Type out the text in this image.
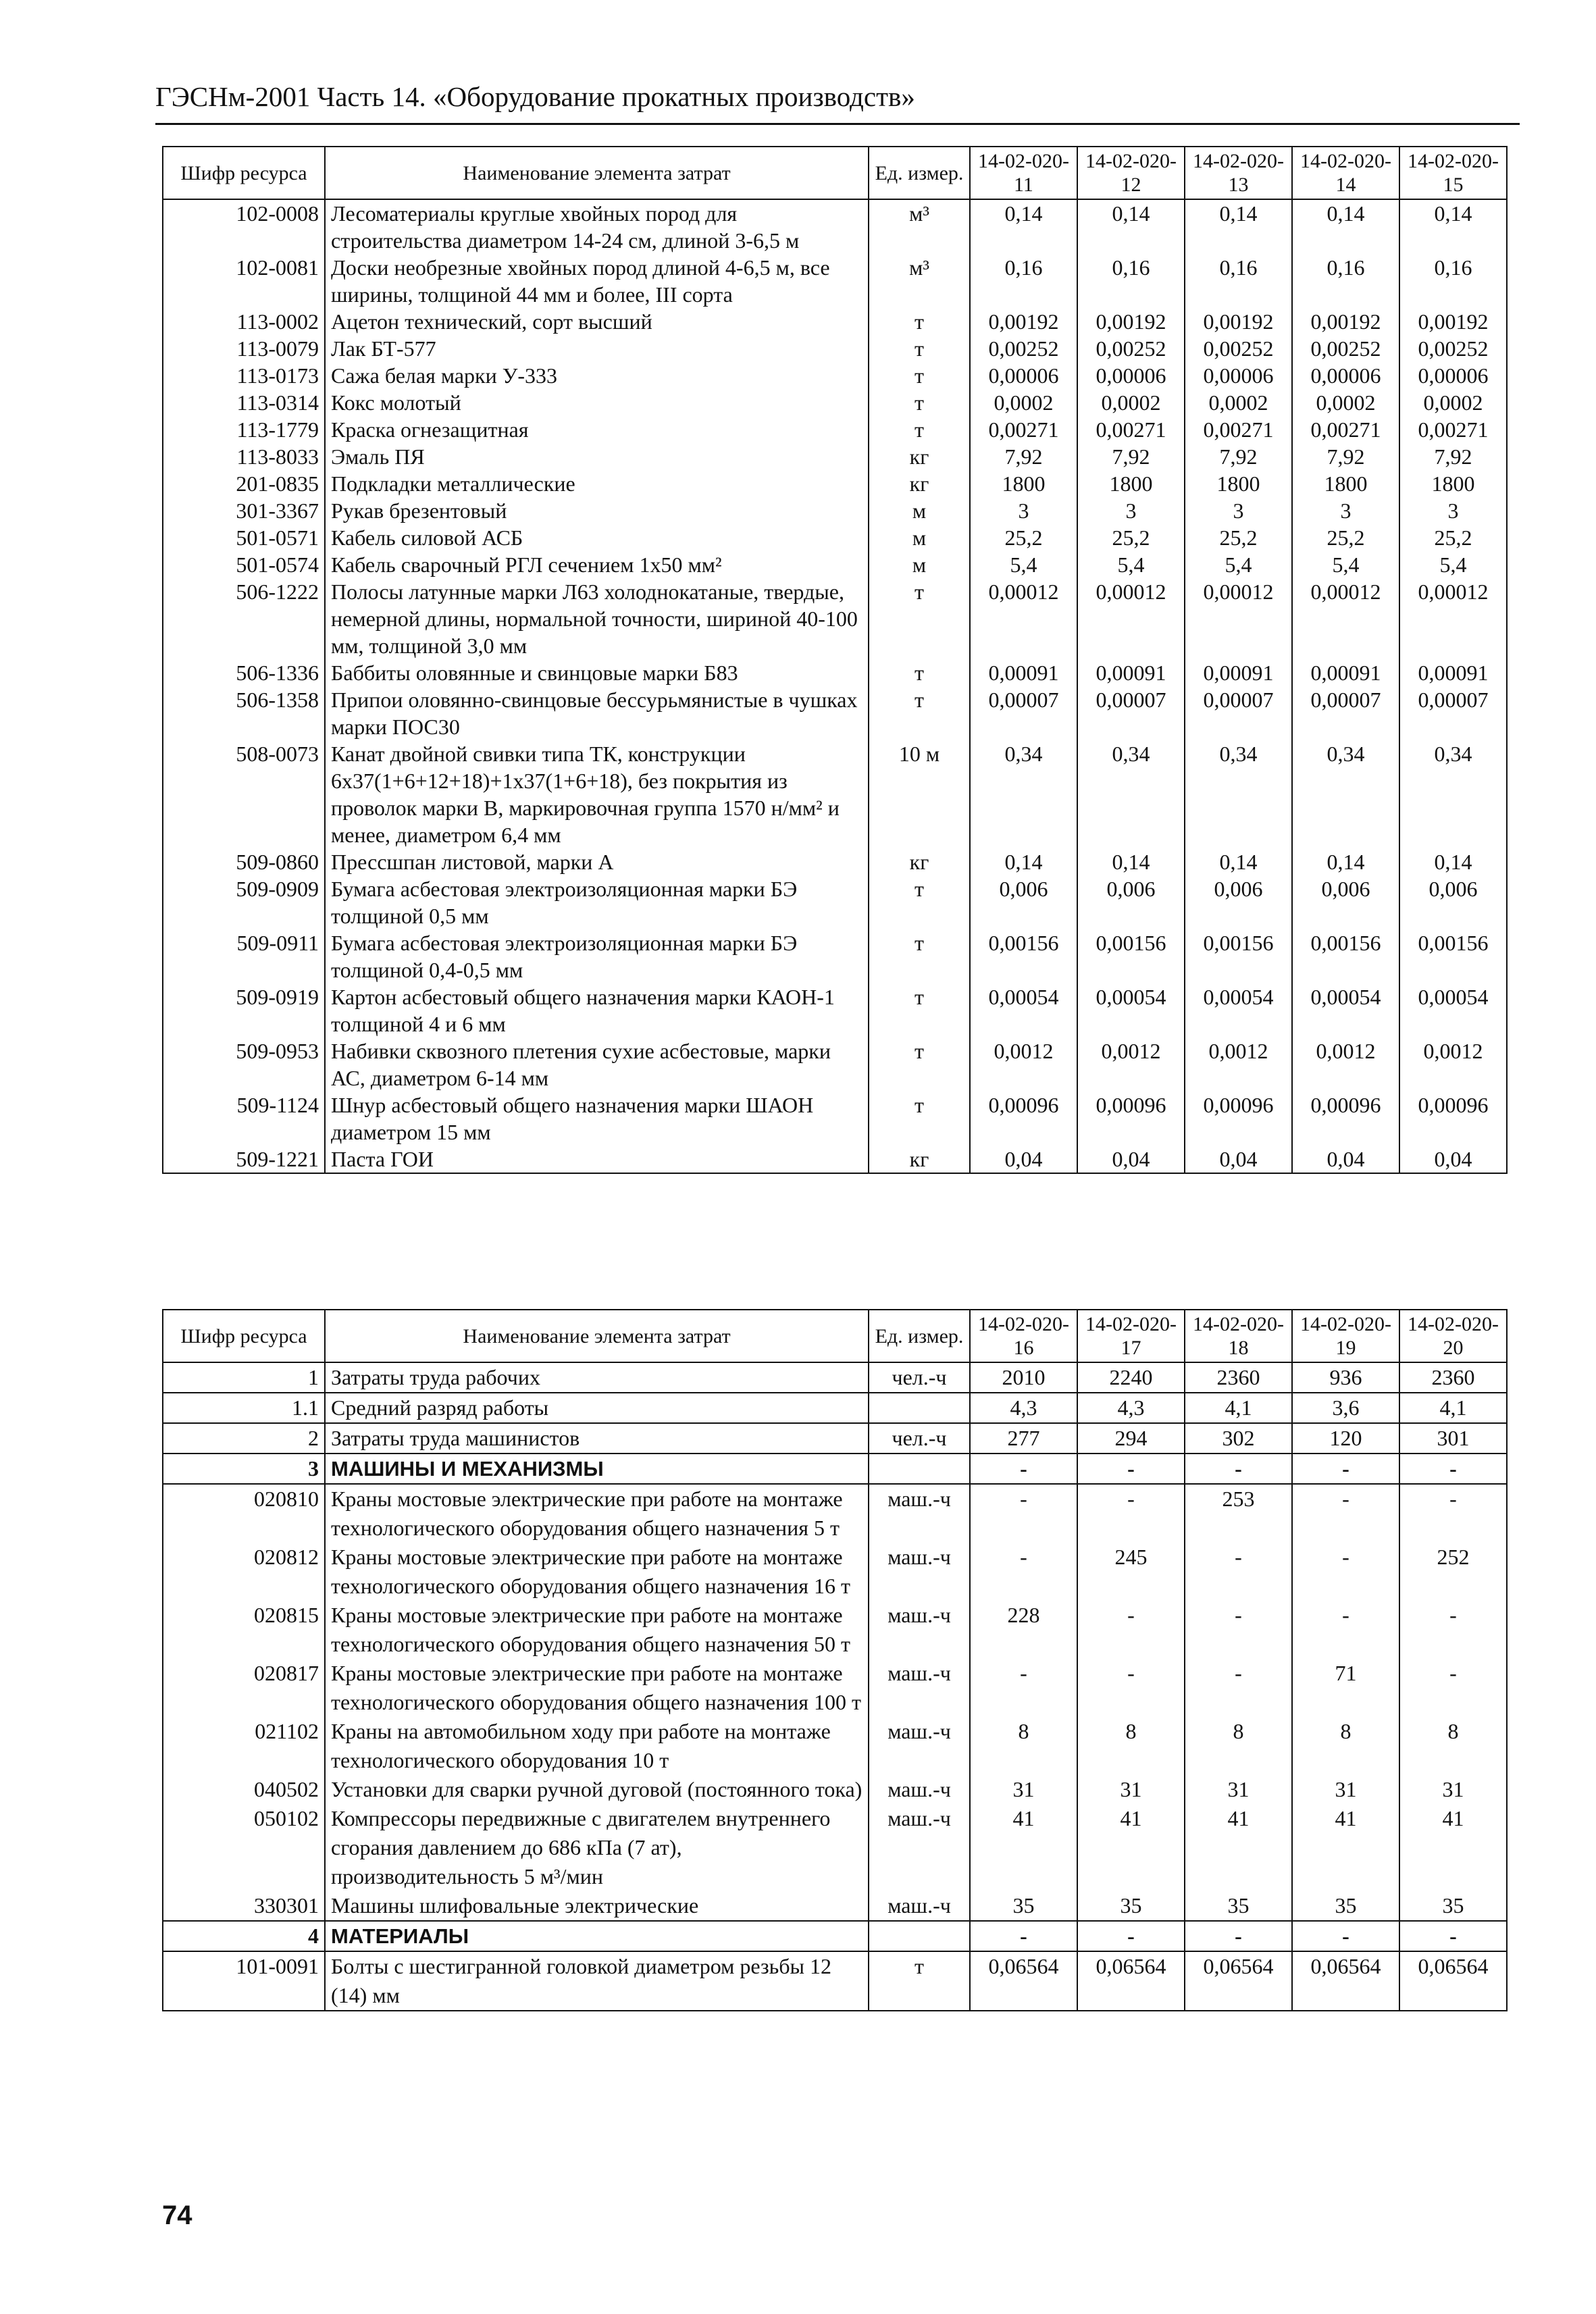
ГЭСНм-2001 Часть 14. «Оборудование прокатных производств»
Шифр ресурса	Наименование элемента затрат	Ед. измер.	14-02-020-11	14-02-020-12	14-02-020-13	14-02-020-14	14-02-020-15
102-0008	Лесоматериалы круглые хвойных пород для строительства диаметром 14-24 см, длиной 3-6,5 м	м³	0,14	0,14	0,14	0,14	0,14
102-0081	Доски необрезные хвойных пород длиной 4-6,5 м, все ширины, толщиной 44 мм и более, III сорта	м³	0,16	0,16	0,16	0,16	0,16
113-0002	Ацетон технический, сорт высший	т	0,00192	0,00192	0,00192	0,00192	0,00192
113-0079	Лак БТ-577	т	0,00252	0,00252	0,00252	0,00252	0,00252
113-0173	Сажа белая марки У-333	т	0,00006	0,00006	0,00006	0,00006	0,00006
113-0314	Кокс молотый	т	0,0002	0,0002	0,0002	0,0002	0,0002
113-1779	Краска огнезащитная	т	0,00271	0,00271	0,00271	0,00271	0,00271
113-8033	Эмаль ПЯ	кг	7,92	7,92	7,92	7,92	7,92
201-0835	Подкладки металлические	кг	1800	1800	1800	1800	1800
301-3367	Рукав брезентовый	м	3	3	3	3	3
501-0571	Кабель силовой АСБ	м	25,2	25,2	25,2	25,2	25,2
501-0574	Кабель сварочный РГЛ сечением 1х50 мм²	м	5,4	5,4	5,4	5,4	5,4
506-1222	Полосы латунные марки Л63 холоднокатаные, твердые, немерной длины, нормальной точности, шириной 40-100 мм, толщиной 3,0 мм	т	0,00012	0,00012	0,00012	0,00012	0,00012
506-1336	Баббиты оловянные и свинцовые марки Б83	т	0,00091	0,00091	0,00091	0,00091	0,00091
506-1358	Припои оловянно-свинцовые бессурьмянистые в чушках марки ПОС30	т	0,00007	0,00007	0,00007	0,00007	0,00007
508-0073	Канат двойной свивки типа ТК, конструкции 6х37(1+6+12+18)+1х37(1+6+18), без покрытия из проволок марки В, маркировочная группа 1570 н/мм² и менее, диаметром 6,4 мм	10 м	0,34	0,34	0,34	0,34	0,34
509-0860	Прессшпан листовой, марки А	кг	0,14	0,14	0,14	0,14	0,14
509-0909	Бумага асбестовая электроизоляционная марки БЭ толщиной 0,5 мм	т	0,006	0,006	0,006	0,006	0,006
509-0911	Бумага асбестовая электроизоляционная марки БЭ толщиной 0,4-0,5 мм	т	0,00156	0,00156	0,00156	0,00156	0,00156
509-0919	Картон асбестовый общего назначения марки КАОН-1 толщиной 4 и 6 мм	т	0,00054	0,00054	0,00054	0,00054	0,00054
509-0953	Набивки сквозного плетения сухие асбестовые, марки АС, диаметром 6-14 мм	т	0,0012	0,0012	0,0012	0,0012	0,0012
509-1124	Шнур асбестовый общего назначения марки ШАОН диаметром 15 мм	т	0,00096	0,00096	0,00096	0,00096	0,00096
509-1221	Паста ГОИ	кг	0,04	0,04	0,04	0,04	0,04
Шифр ресурса	Наименование элемента затрат	Ед. измер.	14-02-020-16	14-02-020-17	14-02-020-18	14-02-020-19	14-02-020-20
1	Затраты труда рабочих	чел.-ч	2010	2240	2360	936	2360
1.1	Средний разряд работы		4,3	4,3	4,1	3,6	4,1
2	Затраты труда машинистов	чел.-ч	277	294	302	120	301
3	МАШИНЫ И МЕХАНИЗМЫ		-	-	-	-	-
020810	Краны мостовые электрические при работе на монтаже технологического оборудования общего назначения 5 т	маш.-ч	-	-	253	-	-
020812	Краны мостовые электрические при работе на монтаже технологического оборудования общего назначения 16 т	маш.-ч	-	245	-	-	252
020815	Краны мостовые электрические при работе на монтаже технологического оборудования общего назначения 50 т	маш.-ч	228	-	-	-	-
020817	Краны мостовые электрические при работе на монтаже технологического оборудования общего назначения 100 т	маш.-ч	-	-	-	71	-
021102	Краны на автомобильном ходу при работе на монтаже технологического оборудования 10 т	маш.-ч	8	8	8	8	8
040502	Установки для сварки ручной дуговой (постоянного тока)	маш.-ч	31	31	31	31	31
050102	Компрессоры передвижные с двигателем внутреннего сгорания давлением до 686 кПа (7 ат), производительность 5 м³/мин	маш.-ч	41	41	41	41	41
330301	Машины шлифовальные электрические	маш.-ч	35	35	35	35	35
4	МАТЕРИАЛЫ		-	-	-	-	-
101-0091	Болты с шестигранной головкой диаметром резьбы 12 (14) мм	т	0,06564	0,06564	0,06564	0,06564	0,06564
74
